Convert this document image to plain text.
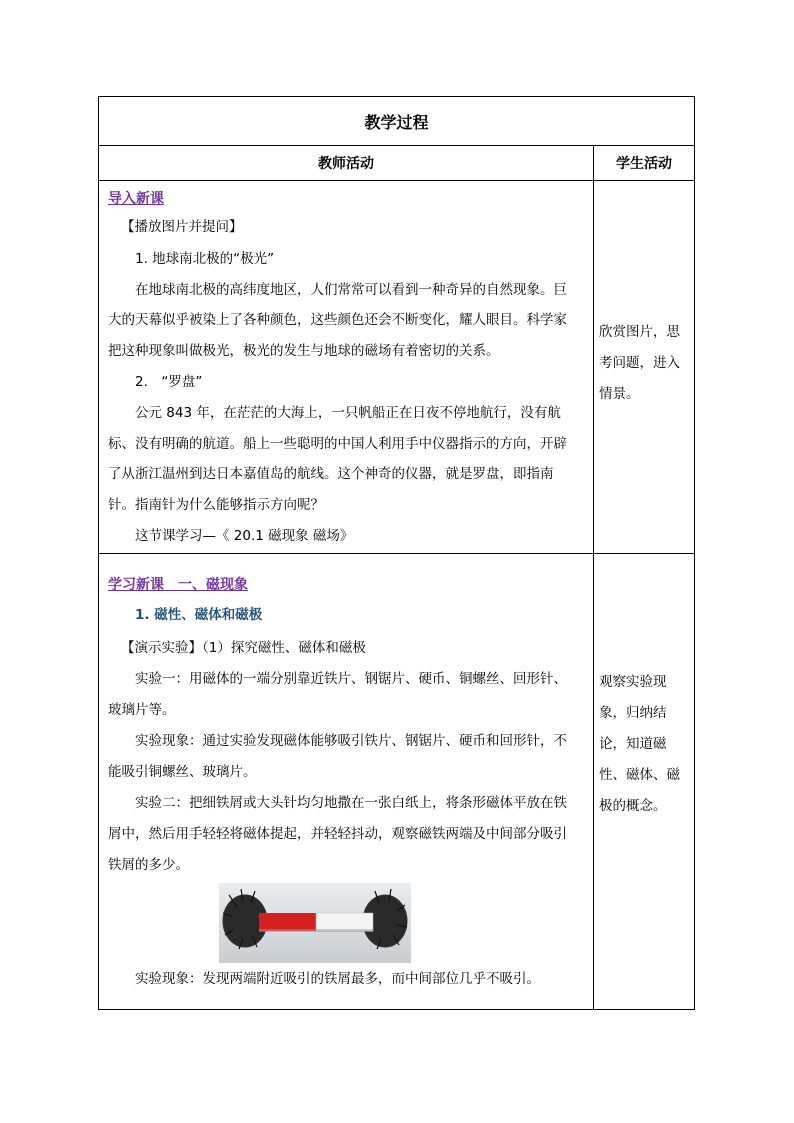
教学过程
教师活动	学生活动
导入新课
【播放图片并提问】
1. 地球南北极的“极光”
在地球南北极的高纬度地区，人们常常可以看到一种奇异的自然现象。巨
大的天幕似乎被染上了各种颜色，这些颜色还会不断变化，耀人眼目。科学家
把这种现象叫做极光，极光的发生与地球的磁场有着密切的关系。
2.　“罗盘”
公元 843 年，在茫茫的大海上，一只帆船正在日夜不停地航行，没有航
标、没有明确的航道。船上一些聪明的中国人利用手中仪器指示的方向，开辟
了从浙江温州到达日本嘉值岛的航线。这个神奇的仪器，就是罗盘，即指南
针。指南针为什么能够指示方向呢？
这节课学习—《 20.1 磁现象 磁场》
欣赏图片，思
考问题，进入
情景。
学习新课　一、磁现象
1. 磁性、磁体和磁极
【演示实验】（1）探究磁性、磁体和磁极
实验一：用磁体的一端分别靠近铁片、钢锯片、硬币、铜螺丝、回形针、
玻璃片等。
实验现象：通过实验发现磁体能够吸引铁片、钢锯片、硬币和回形针，不
能吸引铜螺丝、玻璃片。
实验二：把细铁屑或大头针均匀地撒在一张白纸上，将条形磁体平放在铁
屑中，然后用手轻轻将磁体提起，并轻轻抖动，观察磁铁两端及中间部分吸引
铁屑的多少。
实验现象：发现两端附近吸引的铁屑最多，而中间部位几乎不吸引。
观察实验现
象，归纳结
论，知道磁
性、磁体、磁
极的概念。
